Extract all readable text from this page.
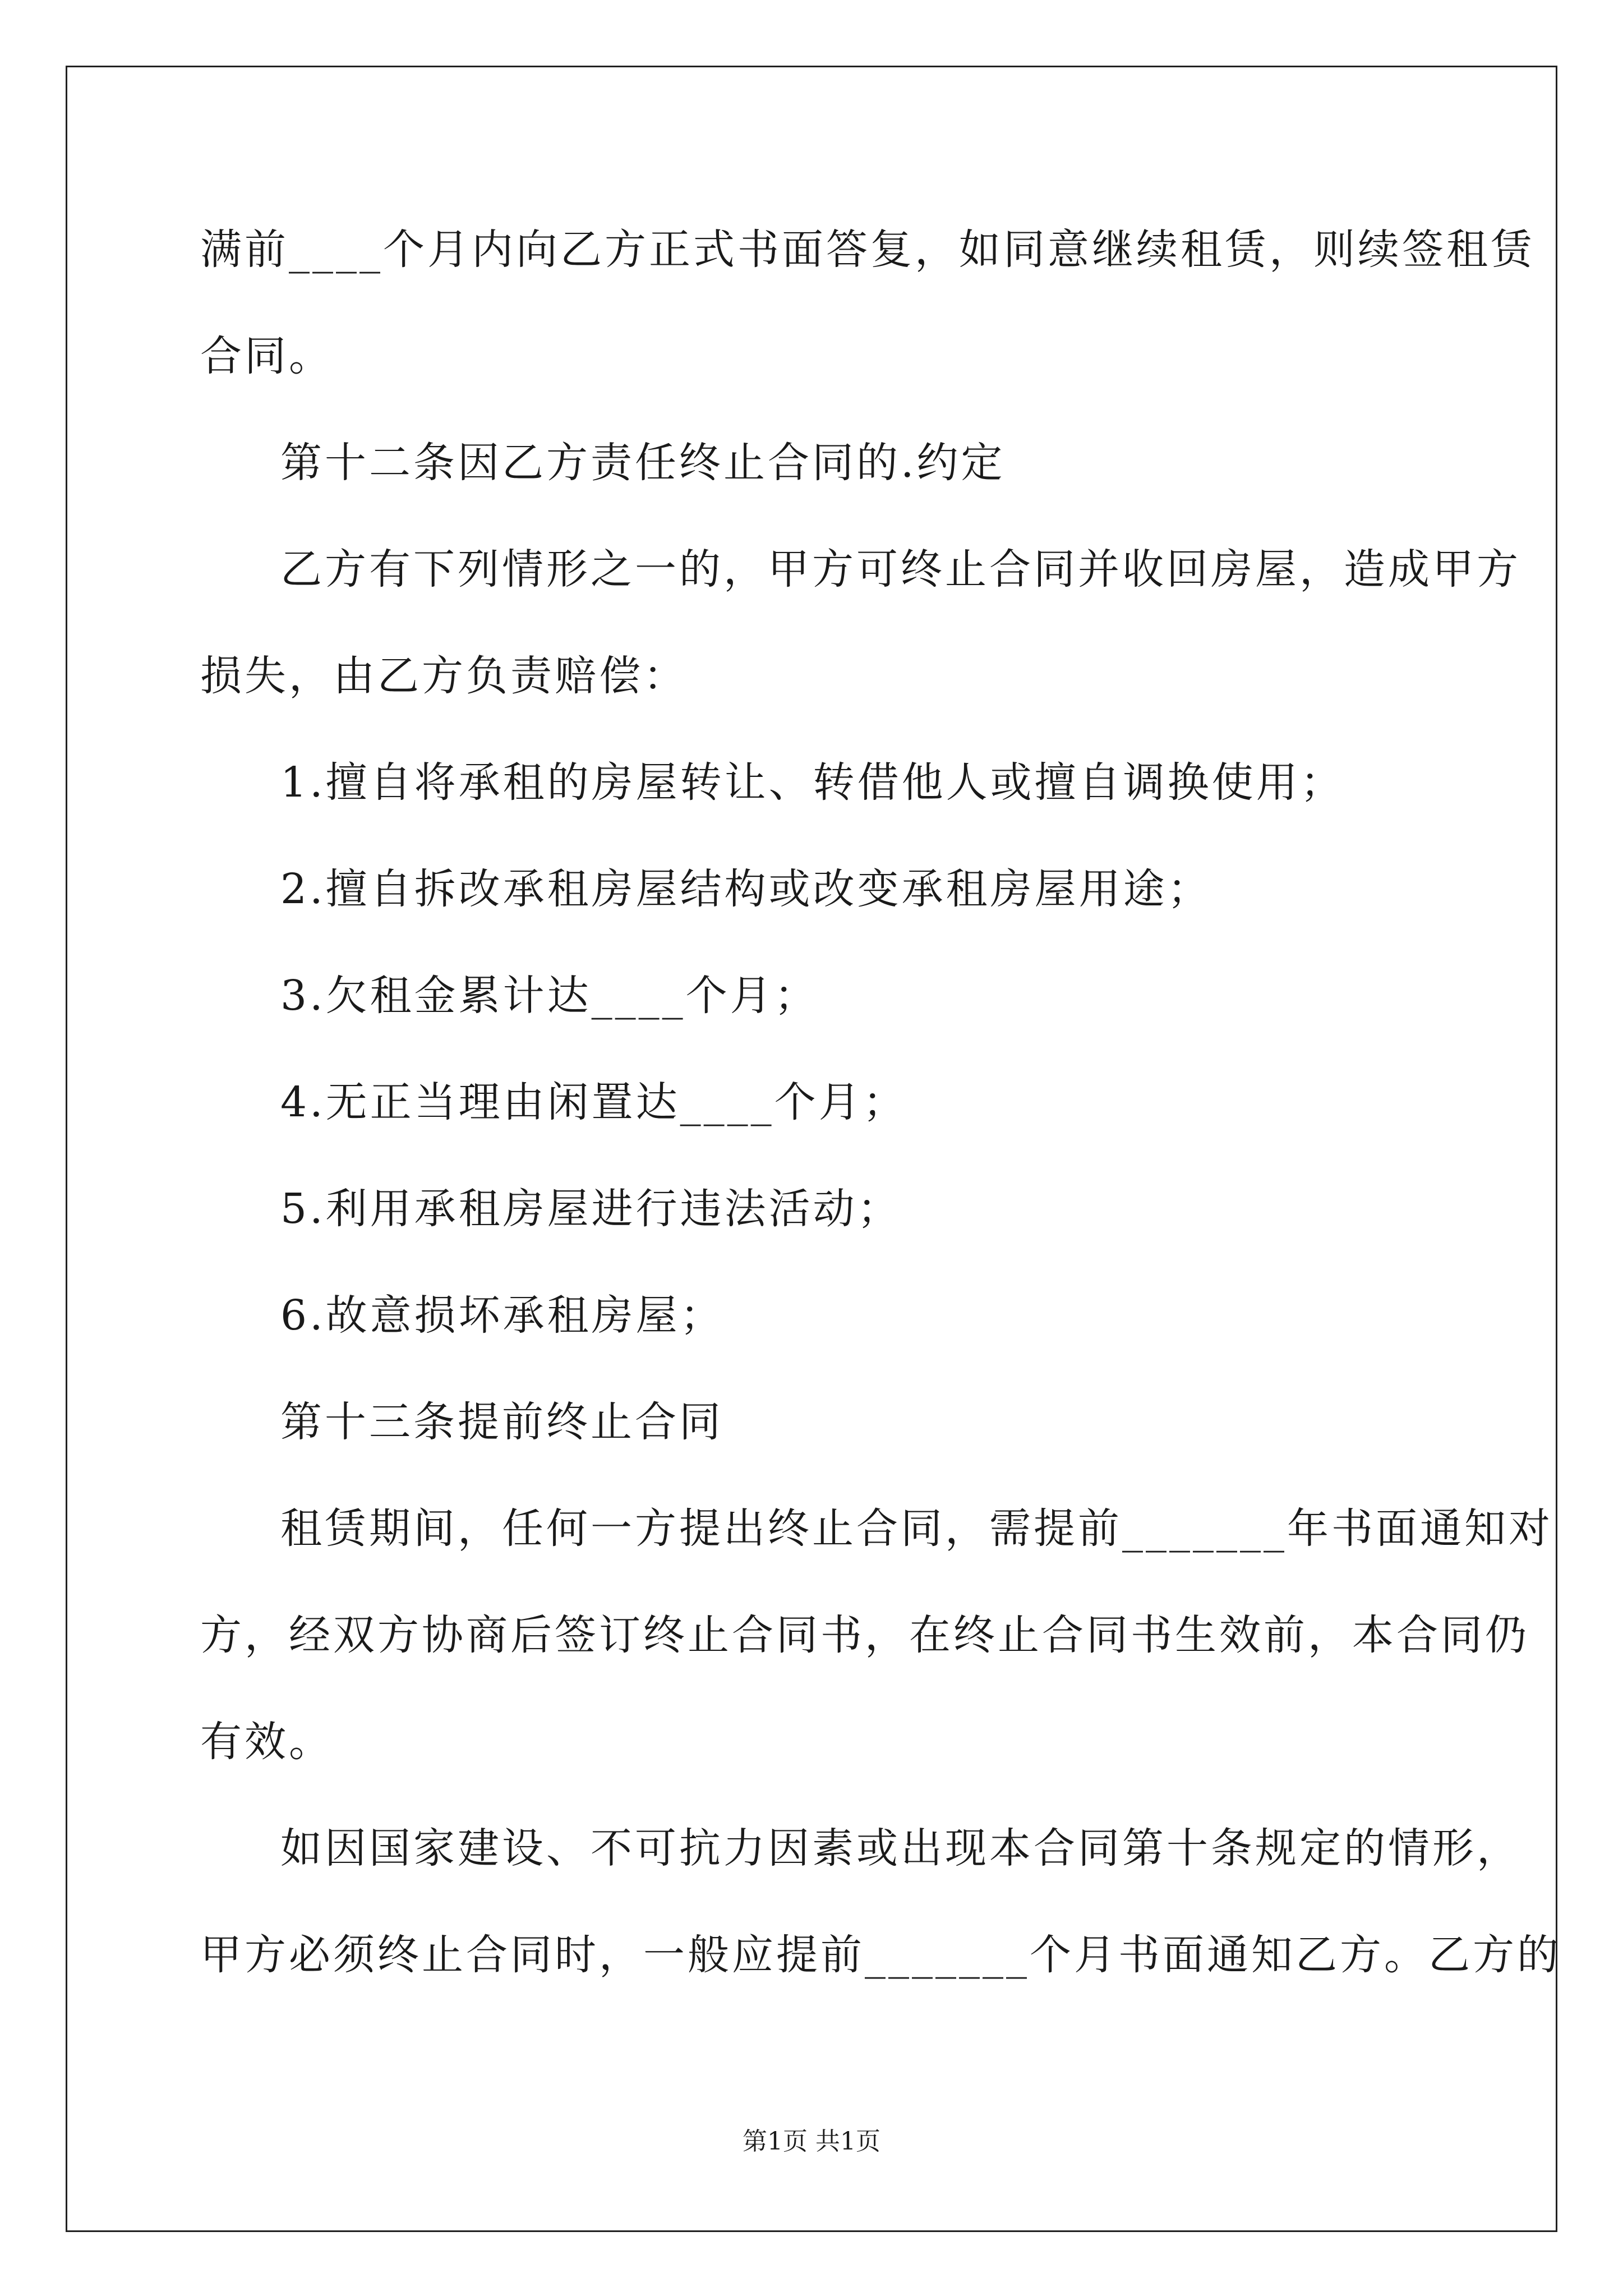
满前____个月内向乙方正式书面答复，如同意继续租赁，则续签租赁
合同。
第十二条因乙方责任终止合同的.约定
乙方有下列情形之一的，甲方可终止合同并收回房屋，造成甲方
损失，由乙方负责赔偿：
1.擅自将承租的房屋转让、转借他人或擅自调换使用；
2.擅自拆改承租房屋结构或改变承租房屋用途；
3.欠租金累计达____个月；
4.无正当理由闲置达____个月；
5.利用承租房屋进行违法活动；
6.故意损坏承租房屋；
第十三条提前终止合同
租赁期间，任何一方提出终止合同，需提前_______年书面通知对
方，经双方协商后签订终止合同书，在终止合同书生效前，本合同仍
有效。
如因国家建设、不可抗力因素或出现本合同第十条规定的情形，
甲方必须终止合同时，一般应提前_______个月书面通知乙方。乙方的
第1页 共1页
